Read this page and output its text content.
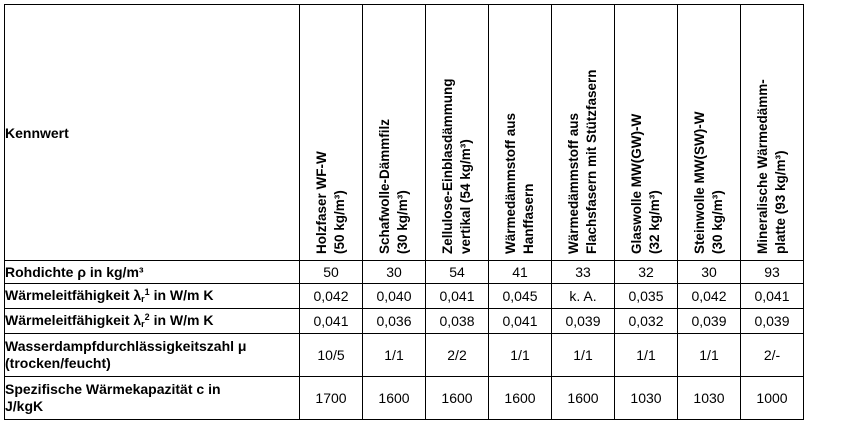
Kennwert	Holzfaser WF-W (50 kg/m³)	Schafwolle-Dämmfilz (30 kg/m³)	Zellulose-Einblasdämmung vertikal (54 kg/m³)	Wärmedämmstoff aus Hanffasern	Wärmedämmstoff aus Flachsfasern mit Stützfasern	Glaswolle MW(GW)-W (32 kg/m³)	Steinwolle MW(SW)-W (30 kg/m³)	Mineralische Wärmedämm- platte (93 kg/m³)

Rohdichte ρ in kg/m³	50	30	54	41	33	32	30	93
Wärmeleitfähigkeit $\lambda_r^1$ in W/m K	0,042	0,040	0,041	0,045	k. A.	0,035	0,042	0,041
Wärmeleitfähigkeit $\lambda_r^2$ in W/m K	0,041	0,036	0,038	0,041	0,039	0,032	0,039	0,039

Wasserdampfdurchlässigkeitszahl μ
(trocken/feucht)	10/5	1/1	2/2	1/1	1/1	1/1	1/1	2/-

Spezifische Wärmekapazität c in
J/kgK	1700	1600	1600	1600	1600	1030	1030	1000
